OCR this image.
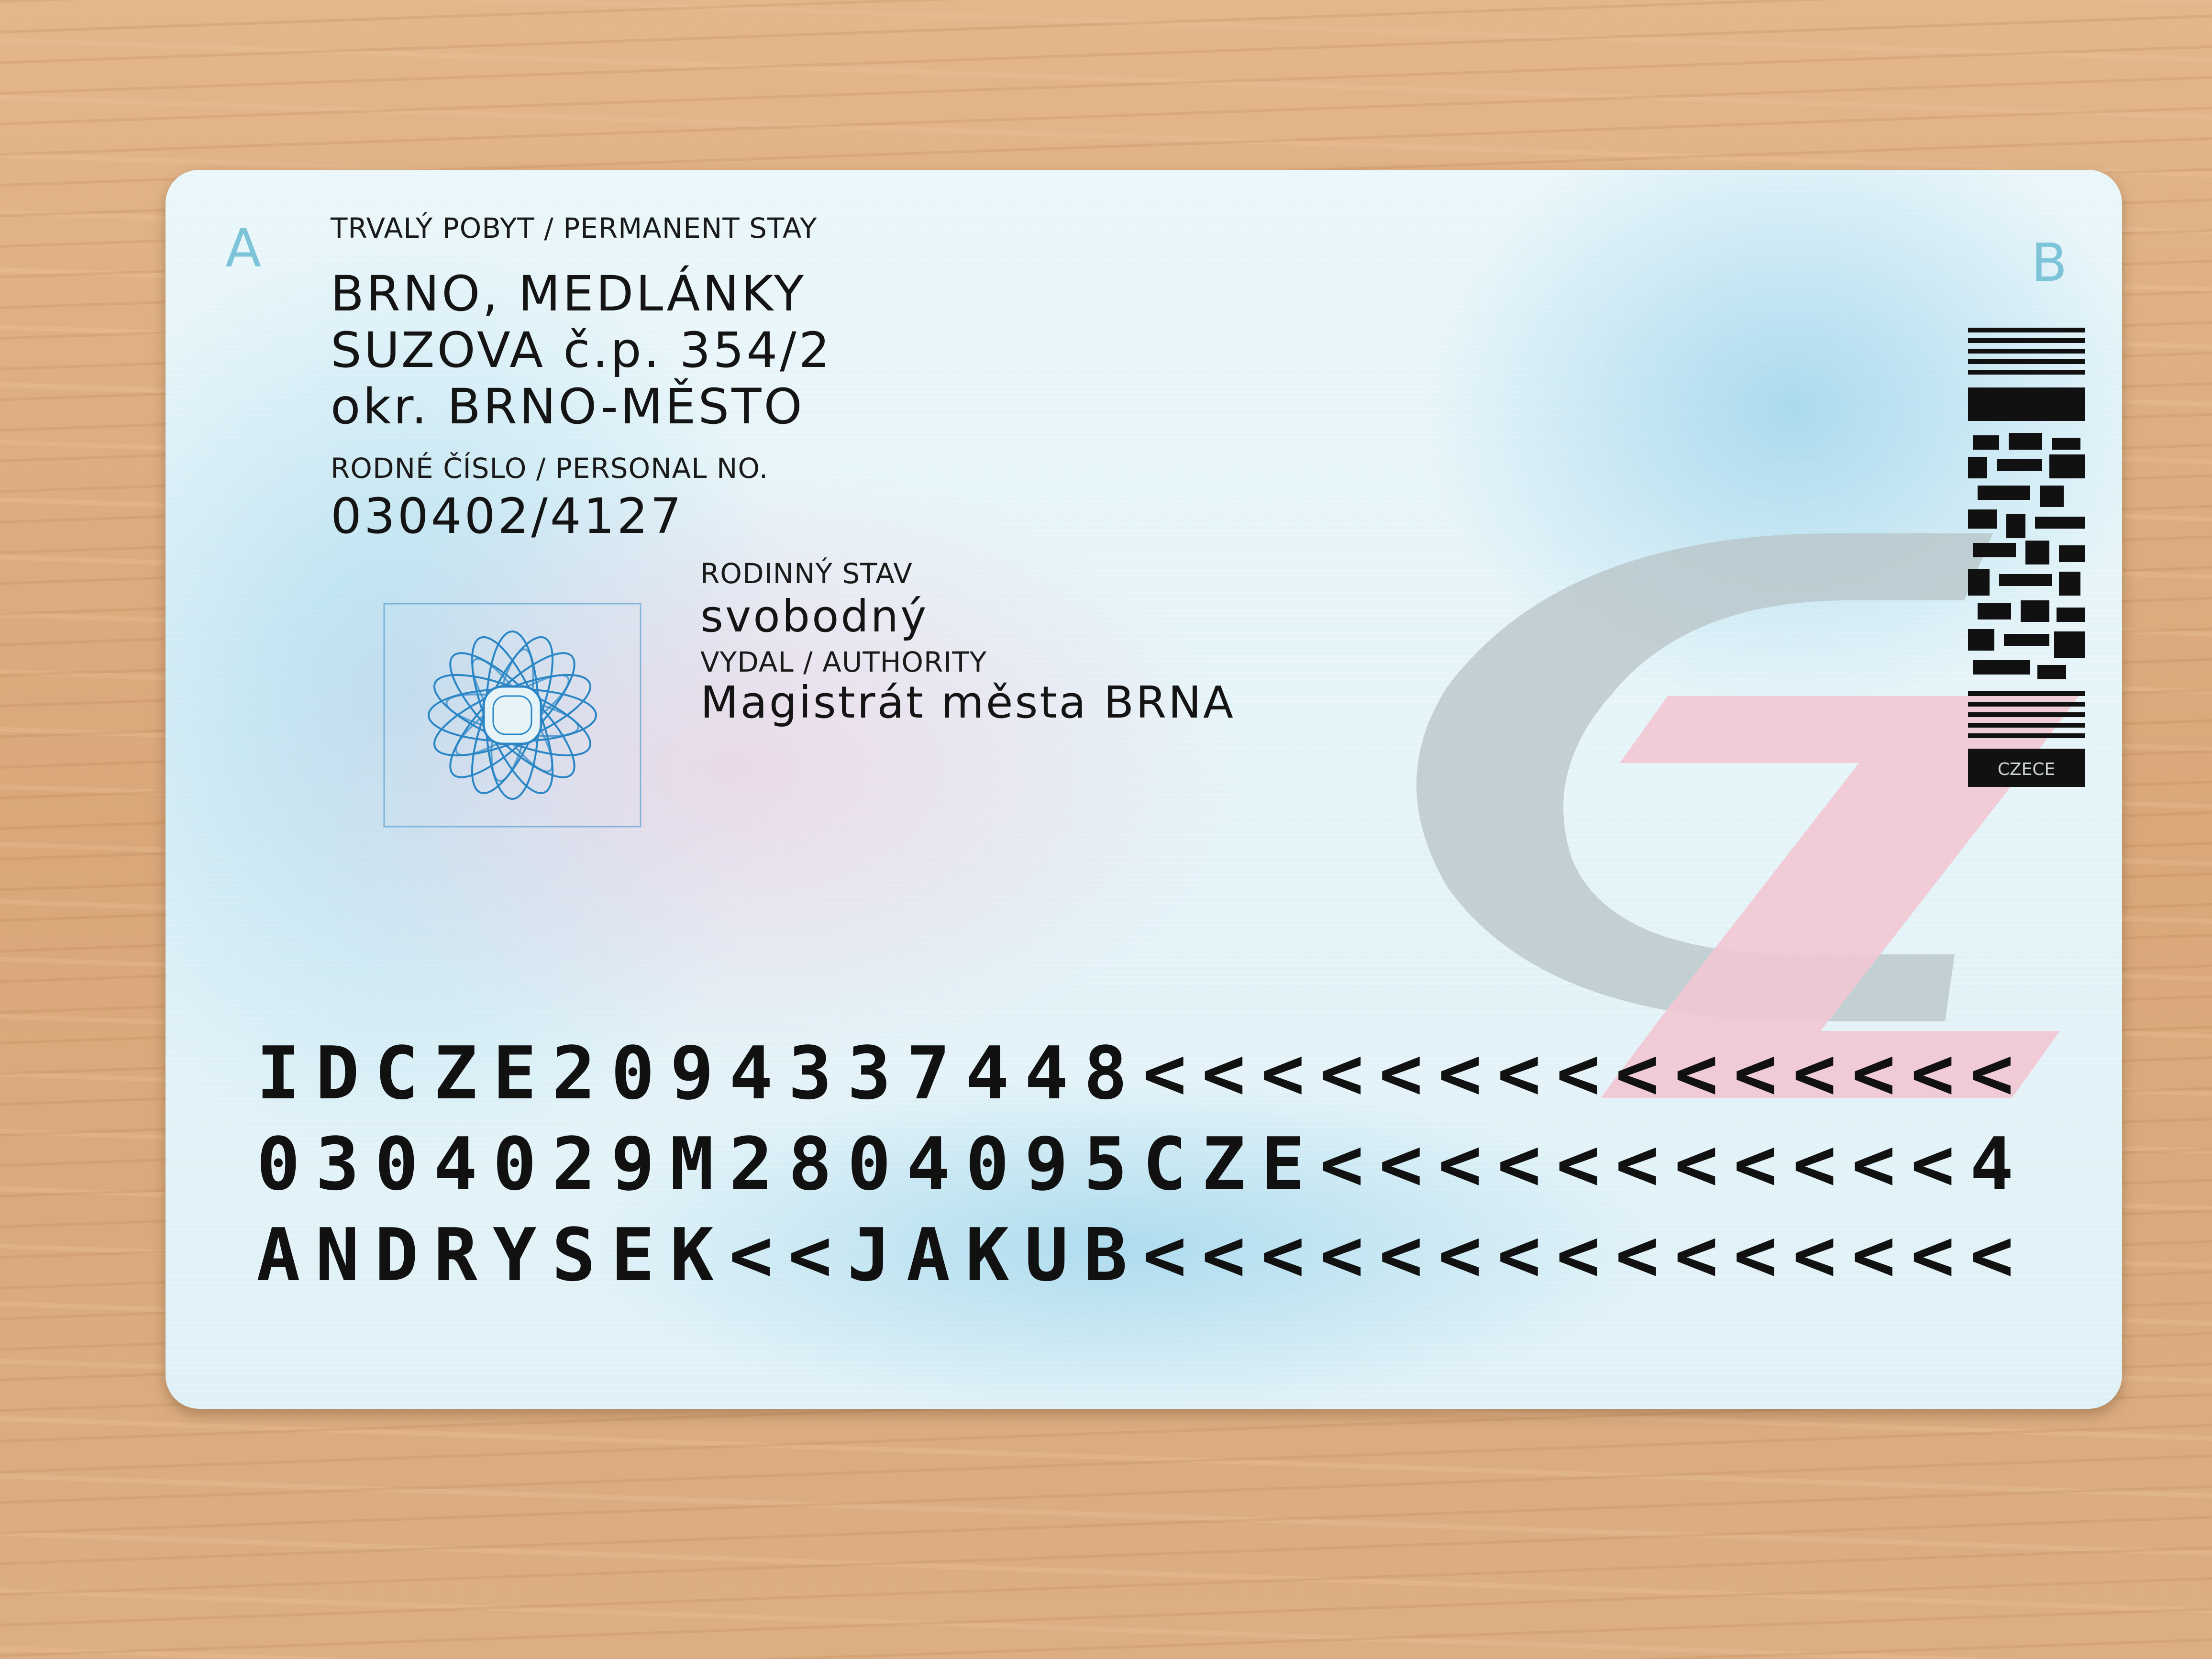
A	B
TRVALÝ POBYT / PERMANENT STAY
BRNO, MEDLÁNKY
SUZOVA č.p. 354/2
okr. BRNO-MĚSTO
RODNÉ ČÍSLO / PERSONAL NO.
030402/4127
RODINNÝ STAV
svobodný
VYDAL / AUTHORITY
Magistrát města BRNA
CZECE
IDCZE2094337448<<<<<<<<<<<<<<<
0304029M2804095CZE<<<<<<<<<<<4
ANDRYSEK<<JAKUB<<<<<<<<<<<<<<<
